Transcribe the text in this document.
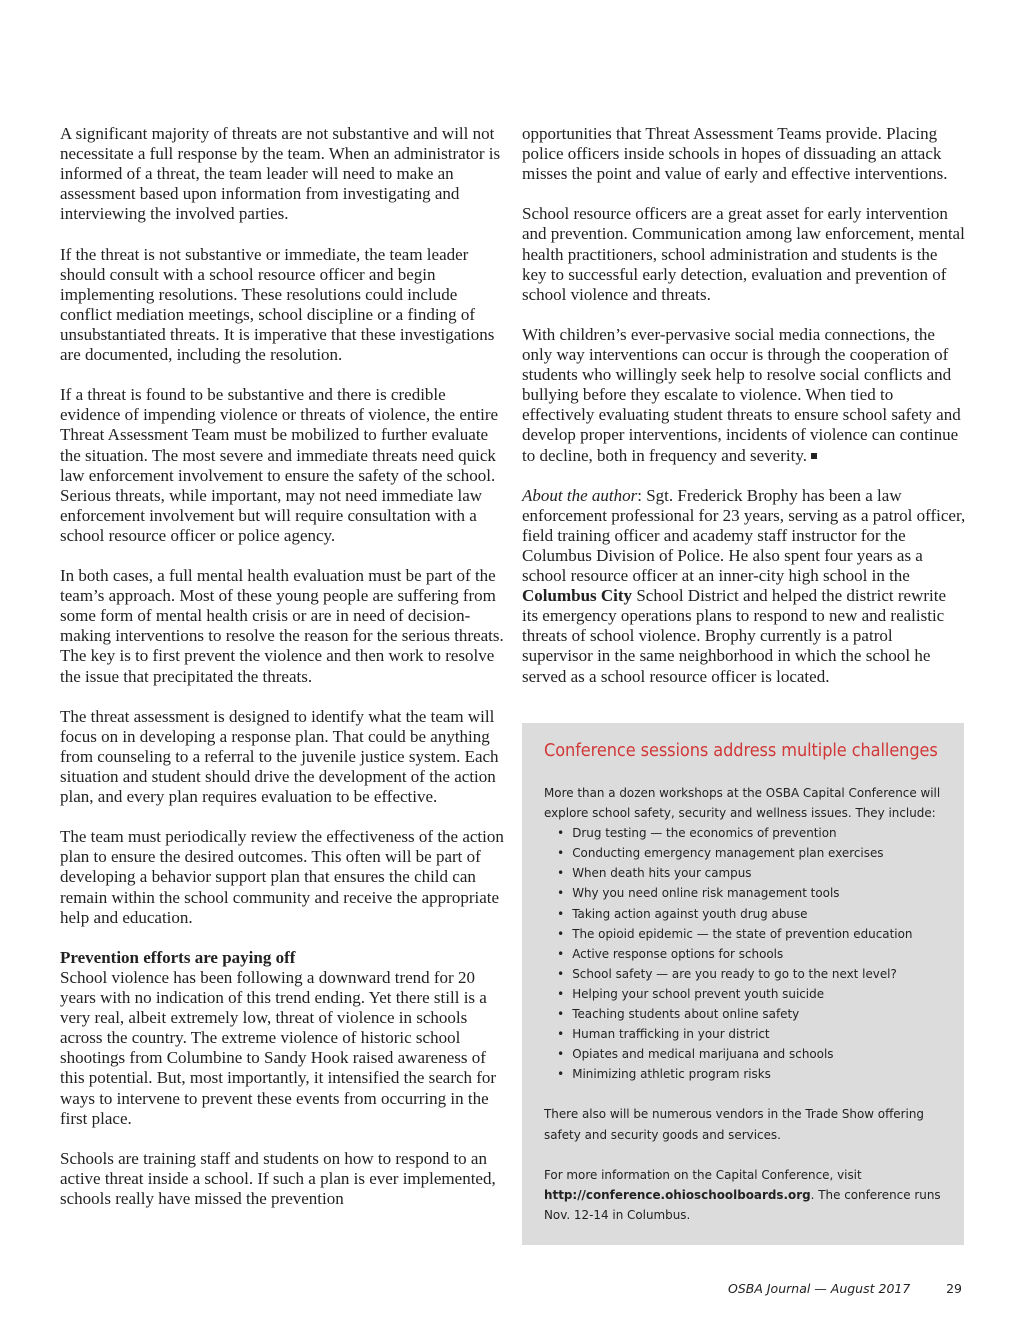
A significant majority of threats are not substantive and will not necessitate a full response by the team. When an administrator is informed of a threat, the team leader will need to make an assessment based upon information from investigating and interviewing the involved parties.

If the threat is not substantive or immediate, the team leader should consult with a school resource officer and begin implementing resolutions. These resolutions could include conflict mediation meetings, school discipline or a finding of unsubstantiated threats. It is imperative that these investigations are documented, including the resolution.

If a threat is found to be substantive and there is credible evidence of impending violence or threats of violence, the entire Threat Assessment Team must be mobilized to further evaluate the situation. The most severe and immediate threats need quick law enforcement involvement to ensure the safety of the school. Serious threats, while important, may not need immediate law enforcement involvement but will require consultation with a school resource officer or police agency.

In both cases, a full mental health evaluation must be part of the team’s approach. Most of these young people are suffering from some form of mental health crisis or are in need of decision-making interventions to resolve the reason for the serious threats. The key is to first prevent the violence and then work to resolve the issue that precipitated the threats.

The threat assessment is designed to identify what the team will focus on in developing a response plan. That could be anything from counseling to a referral to the juvenile justice system. Each situation and student should drive the development of the action plan, and every plan requires evaluation to be effective.

The team must periodically review the effectiveness of the action plan to ensure the desired outcomes. This often will be part of developing a behavior support plan that ensures the child can remain within the school community and receive the appropriate help and education.

Prevention efforts are paying off
School violence has been following a downward trend for 20 years with no indication of this trend ending. Yet there still is a very real, albeit extremely low, threat of violence in schools across the country. The extreme violence of historic school shootings from Columbine to Sandy Hook raised awareness of this potential. But, most importantly, it intensified the search for ways to intervene to prevent these events from occurring in the first place.

Schools are training staff and students on how to respond to an active threat inside a school. If such a plan is ever implemented, schools really have missed the prevention

opportunities that Threat Assessment Teams provide. Placing police officers inside schools in hopes of dissuading an attack misses the point and value of early and effective interventions.

School resource officers are a great asset for early intervention and prevention. Communication among law enforcement, mental health practitioners, school administration and students is the key to successful early detection, evaluation and prevention of school violence and threats.

With children’s ever-pervasive social media connections, the only way interventions can occur is through the cooperation of students who willingly seek help to resolve social conflicts and bullying before they escalate to violence. When tied to effectively evaluating student threats to ensure school safety and develop proper interventions, incidents of violence can continue to decline, both in frequency and severity.

About the author: Sgt. Frederick Brophy has been a law enforcement professional for 23 years, serving as a patrol officer, field training officer and academy staff instructor for the Columbus Division of Police. He also spent four years as a school resource officer at an inner-city high school in the Columbus City School District and helped the district rewrite its emergency operations plans to respond to new and realistic threats of school violence. Brophy currently is a patrol supervisor in the same neighborhood in which the school he served as a school resource officer is located.

Conference sessions address multiple challenges

More than a dozen workshops at the OSBA Capital Conference will explore school safety, security and wellness issues. They include:

• Drug testing — the economics of prevention
• Conducting emergency management plan exercises
• When death hits your campus
• Why you need online risk management tools
• Taking action against youth drug abuse
• The opioid epidemic — the state of prevention education
• Active response options for schools
• School safety — are you ready to go to the next level?
• Helping your school prevent youth suicide
• Teaching students about online safety
• Human trafficking in your district
• Opiates and medical marijuana and schools
• Minimizing athletic program risks

There also will be numerous vendors in the Trade Show offering safety and security goods and services.

For more information on the Capital Conference, visit http://conference.ohioschoolboards.org. The conference runs Nov. 12-14 in Columbus.

OSBA Journal — August 2017	29
